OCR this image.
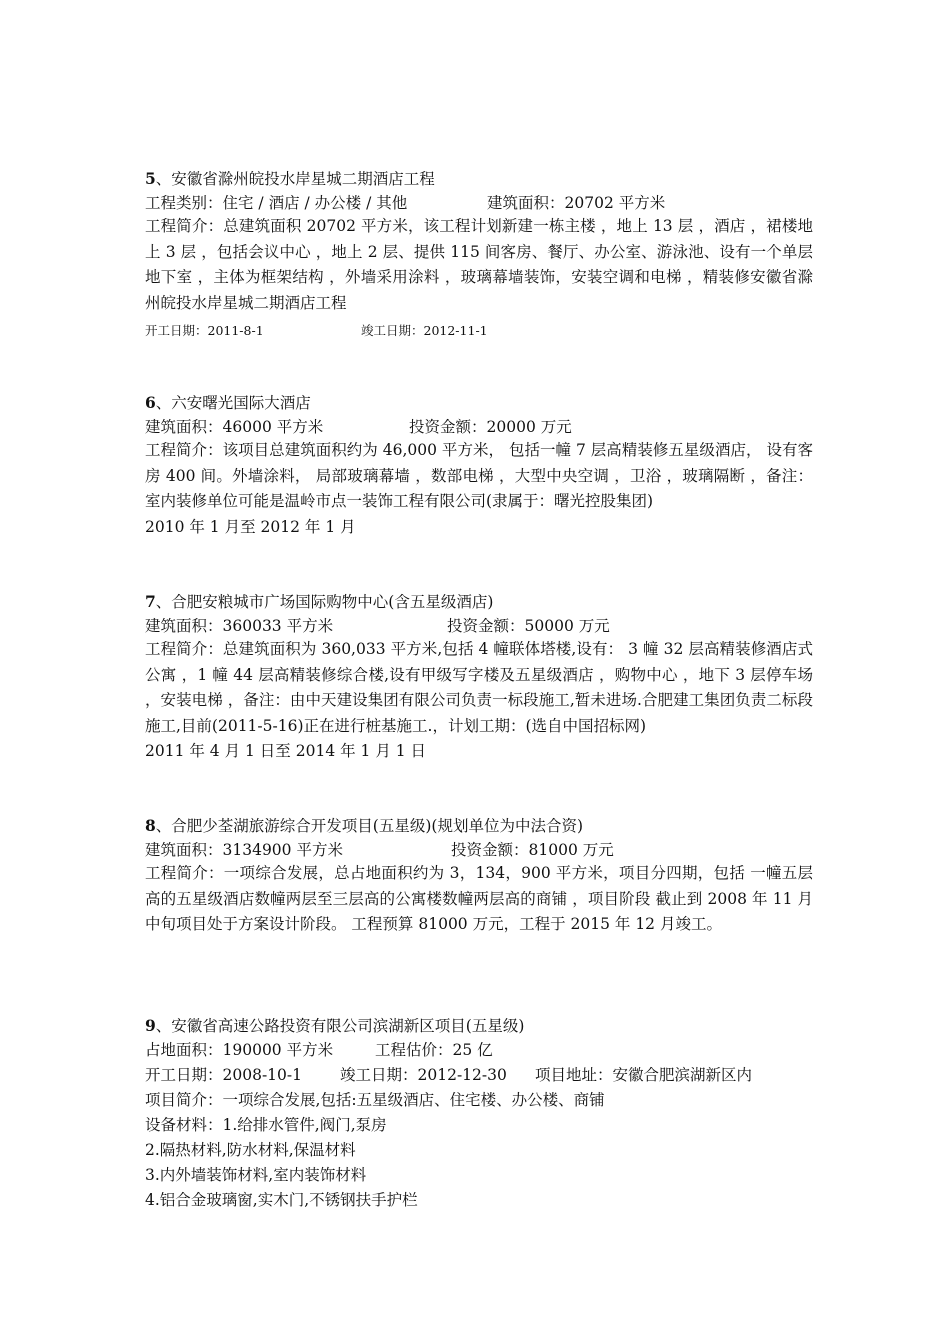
5、安徽省滁州皖投水岸星城二期酒店工程
工程类别：住宅 / 酒店 / 办公楼 / 其他	建筑面积：20702 平方米
工程简介：总建筑面积 20702 平方米，该工程计划新建一栋主楼 ，地上 13 层 ，酒店 ，裙楼地上 3 层 ，包括会议中心 ，地上 2 层、提供 115 间客房、餐厅、办公室、游泳池、设有一个单层地下室 ，主体为框架结构 ，外墙采用涂料 ，玻璃幕墙装饰，安装空调和电梯 ，精装修安徽省滁州皖投水岸星城二期酒店工程
开工日期：2011-8-1	竣工日期：2012-11-1
6、六安曙光国际大酒店
建筑面积：46000 平方米	投资金额：20000 万元
工程简介：该项目总建筑面积约为 46,000 平方米， 包括一幢 7 层高精装修五星级酒店， 设有客房 400 间。外墙涂料， 局部玻璃幕墙 ，数部电梯 ，大型中央空调 ，卫浴 ，玻璃隔断 ，备注：室内装修单位可能是温岭市点一装饰工程有限公司(隶属于：曙光控股集团)
2010 年 1 月至 2012 年 1 月
7、合肥安粮城市广场国际购物中心(含五星级酒店)
建筑面积：360033 平方米	投资金额：50000 万元
工程简介：总建筑面积为 360,033 平方米,包括 4 幢联体塔楼,设有： 3 幢 32 层高精装修酒店式公寓 ，1 幢 44 层高精装修综合楼,设有甲级写字楼及五星级酒店 ，购物中心 ，地下 3 层停车场 ，安装电梯 ，备注：由中天建设集团有限公司负责一标段施工,暂未进场.合肥建工集团负责二标段施工,目前(2011-5-16)正在进行桩基施工.，计划工期：(选自中国招标网)
2011 年 4 月 1 日至 2014 年 1 月 1 日
8、合肥少荃湖旅游综合开发项目(五星级)(规划单位为中法合资)
建筑面积：3134900 平方米	投资金额：81000 万元
工程简介：一项综合发展，总占地面积约为 3，134，900 平方米，项目分四期，包括 一幢五层高的五星级酒店数幢两层至三层高的公寓楼数幢两层高的商铺 ，项目阶段 截止到 2008 年 11 月中旬项目处于方案设计阶段。 工程预算 81000 万元，工程于 2015 年 12 月竣工。
9、安徽省高速公路投资有限公司滨湖新区项目(五星级)
占地面积：190000 平方米	工程估价：25 亿
开工日期：2008-10-1 竣工日期：2012-12-30 项目地址：安徽合肥滨湖新区内
项目简介：一项综合发展,包括:五星级酒店、住宅楼、办公楼、商铺
设备材料：1.给排水管件,阀门,泵房
2.隔热材料,防水材料,保温材料
3.内外墙装饰材料,室内装饰材料
4.铝合金玻璃窗,实木门,不锈钢扶手护栏
